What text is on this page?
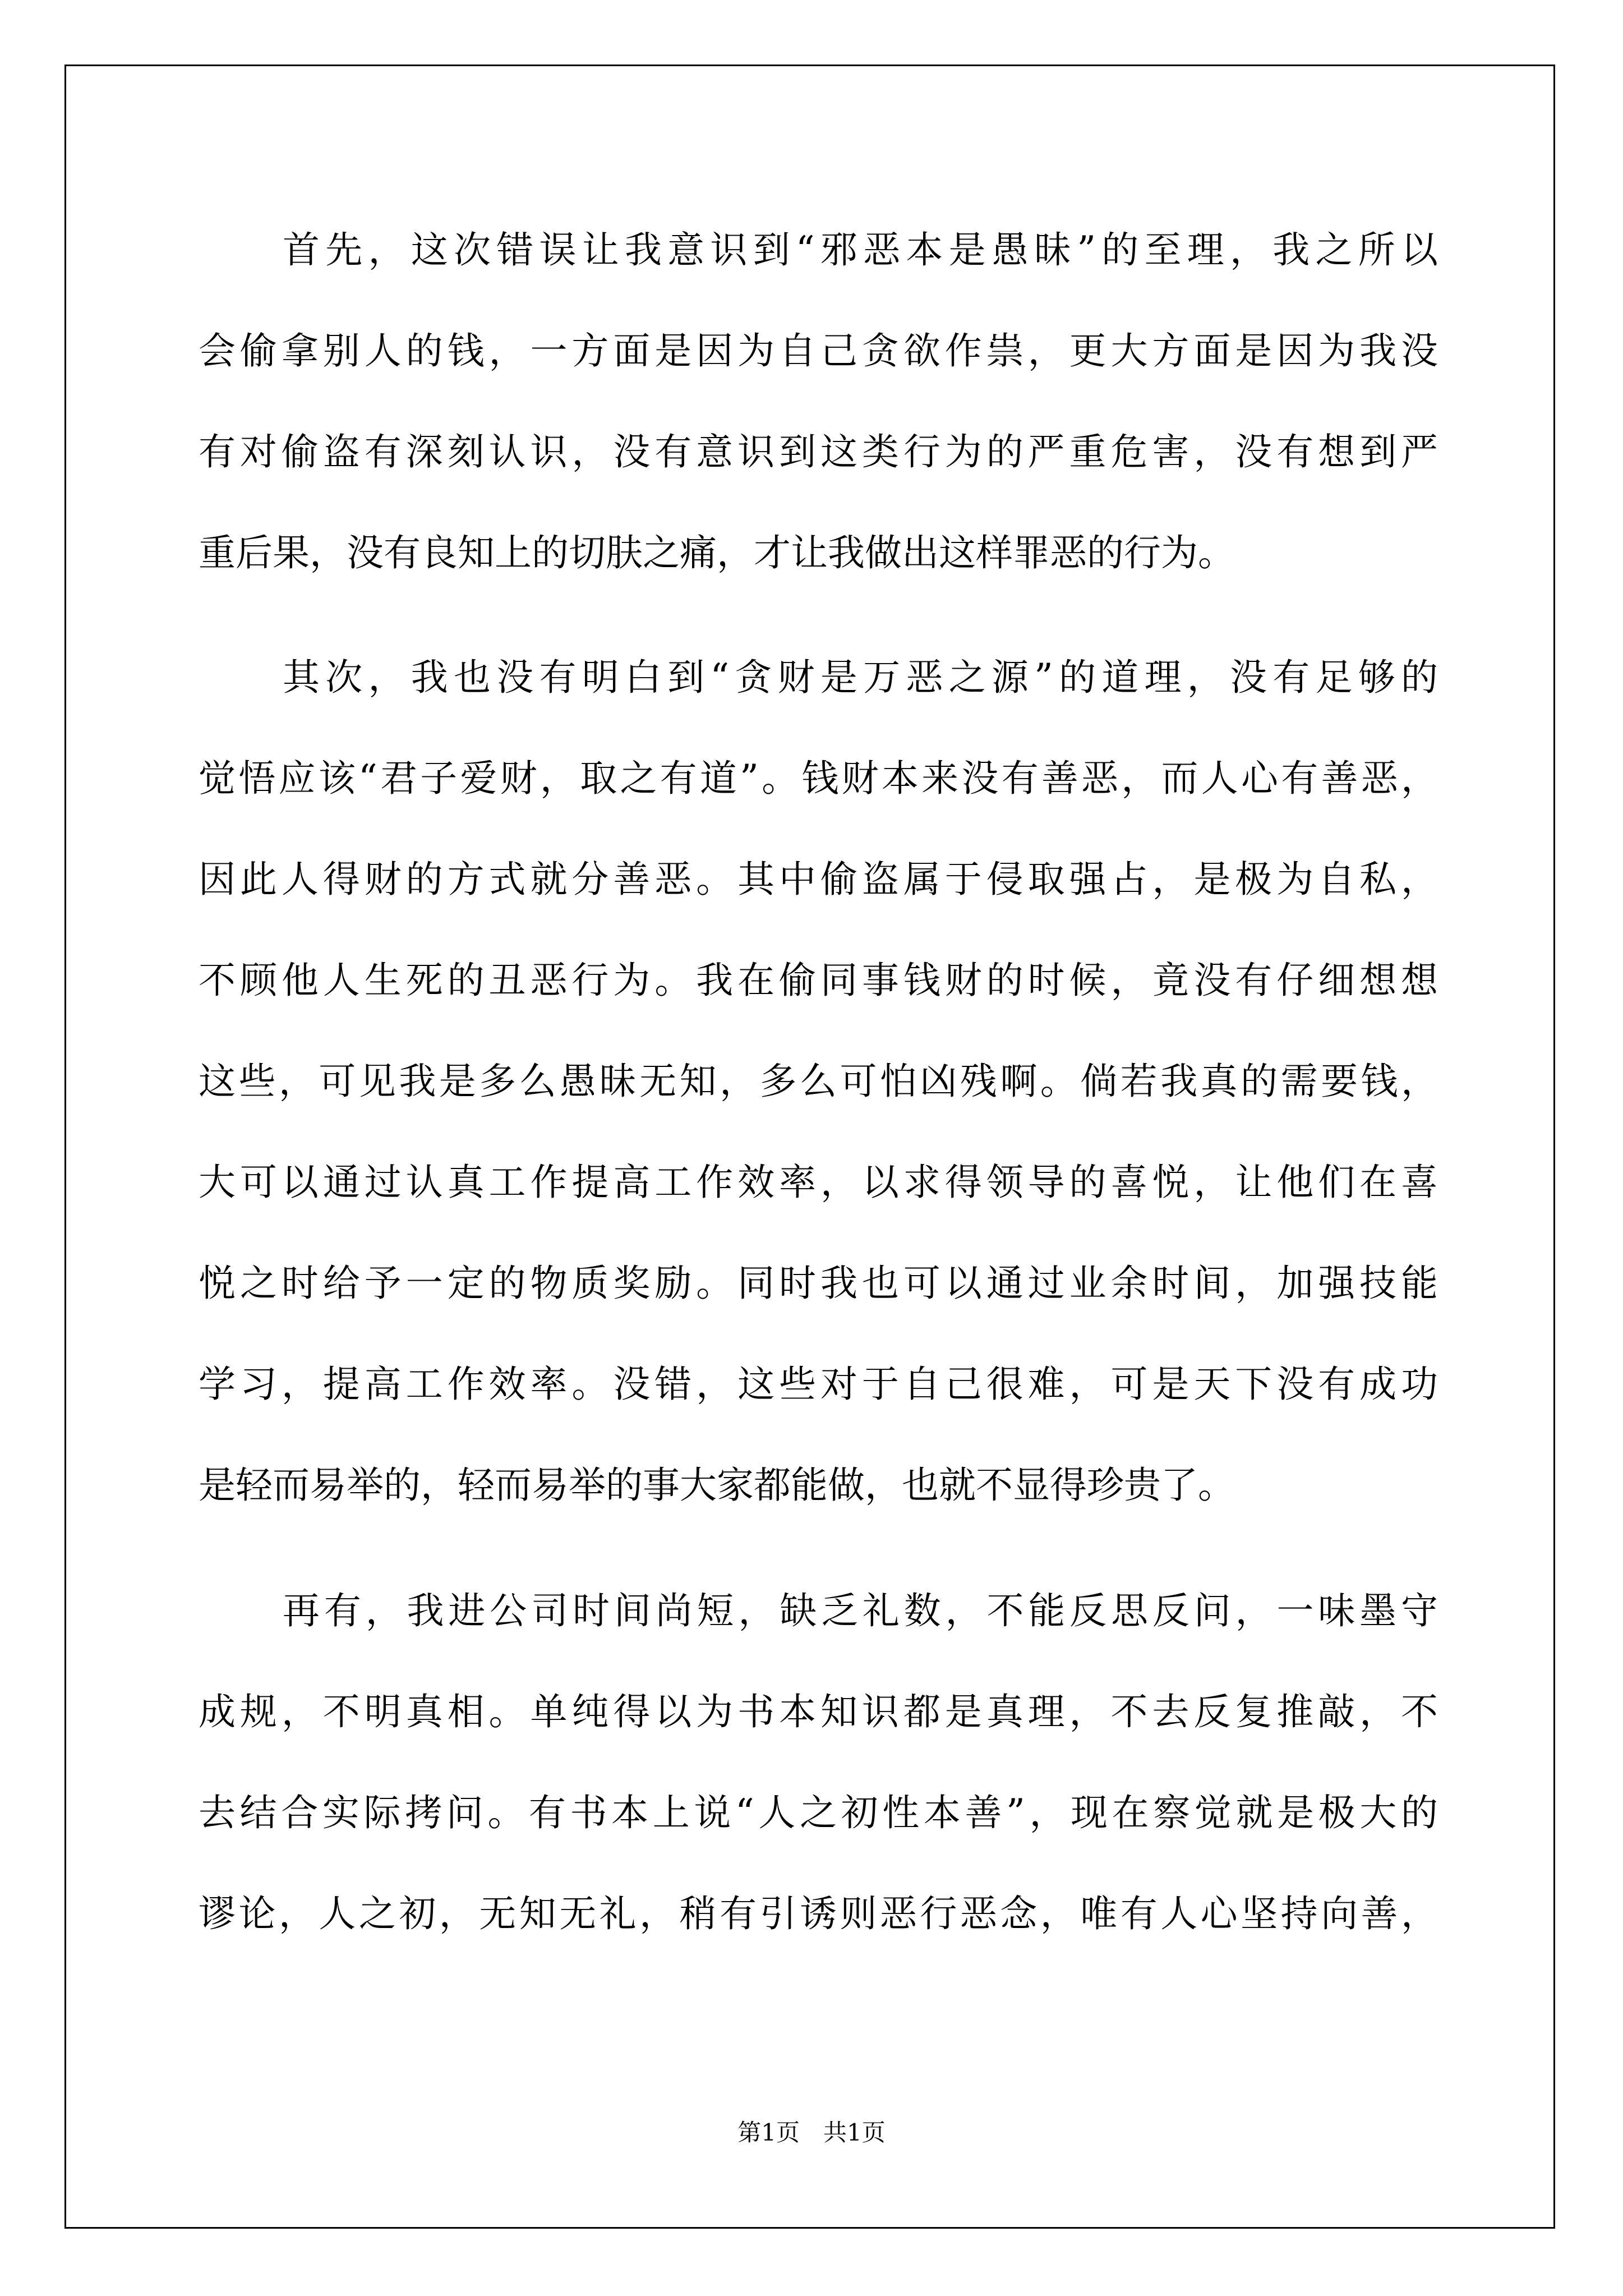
首先，这次错误让我意识到“邪恶本是愚昧”的至理，我之所以
会偷拿别人的钱，一方面是因为自己贪欲作祟，更大方面是因为我没
有对偷盗有深刻认识，没有意识到这类行为的严重危害，没有想到严
重后果，没有良知上的切肤之痛，才让我做出这样罪恶的行为。
其次，我也没有明白到“贪财是万恶之源”的道理，没有足够的
觉悟应该“君子爱财，取之有道”。钱财本来没有善恶，而人心有善恶，
因此人得财的方式就分善恶。其中偷盗属于侵取强占，是极为自私，
不顾他人生死的丑恶行为。我在偷同事钱财的时候，竟没有仔细想想
这些，可见我是多么愚昧无知，多么可怕凶残啊。倘若我真的需要钱，
大可以通过认真工作提高工作效率，以求得领导的喜悦，让他们在喜
悦之时给予一定的物质奖励。同时我也可以通过业余时间，加强技能
学习，提高工作效率。没错，这些对于自己很难，可是天下没有成功
是轻而易举的，轻而易举的事大家都能做，也就不显得珍贵了。
再有，我进公司时间尚短，缺乏礼数，不能反思反问，一味墨守
成规，不明真相。单纯得以为书本知识都是真理，不去反复推敲，不
去结合实际拷问。有书本上说“人之初性本善”，现在察觉就是极大的
谬论，人之初，无知无礼，稍有引诱则恶行恶念，唯有人心坚持向善，
第1页　共1页
